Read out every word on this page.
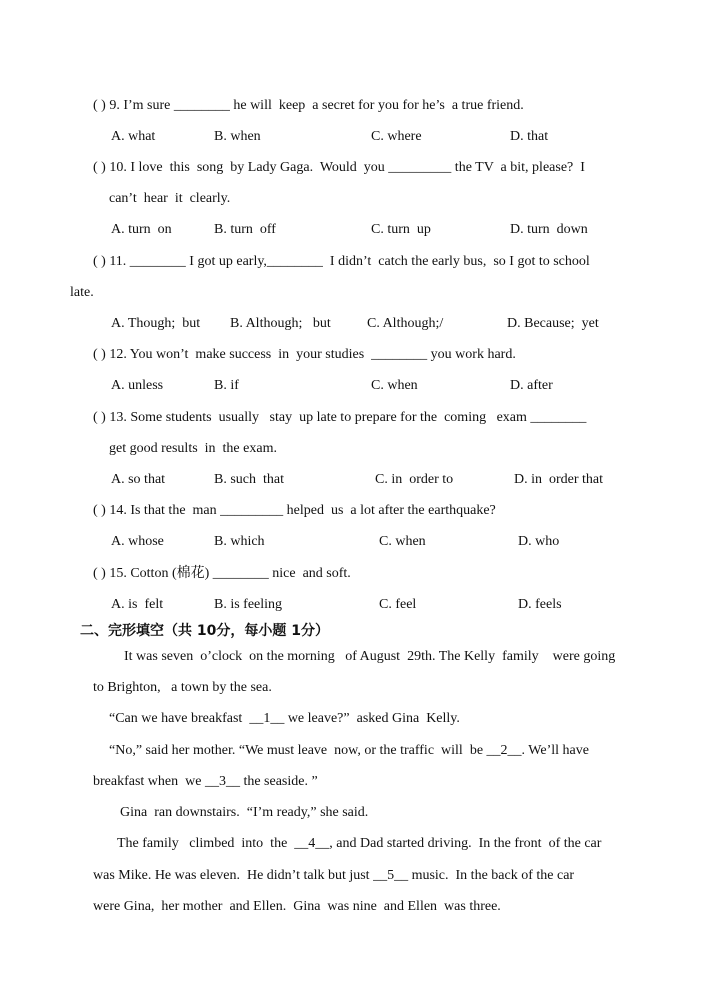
( ) 9. I’m sure ________ he will  keep  a secret for you for he’s  a true friend.
A. what	B. when	C. where	D. that
( ) 10. I love  this  song  by Lady Gaga.  Would  you _________ the TV  a bit, please?  I
can’t  hear  it  clearly.
A. turn  on	B. turn  off	C. turn  up	D. turn  down
( ) 11. ________ I got up early,________  I didn’t  catch the early bus,  so I got to school
late.
A. Though;  but B. Although;   but	C. Although;/	D. Because;  yet
( ) 12. You won’t  make success  in  your studies  ________ you work hard.
A. unless	B. if	C. when	D. after
( ) 13. Some students  usually   stay  up late to prepare for the  coming   exam ________
get good results  in  the exam.
A. so that	B. such  that	C. in  order to	D. in  order that
( ) 14. Is that the  man _________ helped  us  a lot after the earthquake?
A. whose	B. which	C. when	D. who
( ) 15. Cotton (棉花) ________ nice  and soft.
A. is  felt	B. is feeling	C. feel	D. feels
二、完形填空（共 10分，每小题 1分）
It was seven  o’clock  on the morning   of August  29th. The Kelly  family    were going
to Brighton,   a town by the sea.
“Can we have breakfast  __1__ we leave?”  asked Gina  Kelly.
“No,” said her mother. “We must leave  now, or the traffic  will  be __2__. We’ll have
breakfast when  we __3__ the seaside. ”
Gina  ran downstairs.  “I’m ready,” she said.
The family   climbed  into  the  __4__, and Dad started driving.  In the front  of the car
was Mike. He was eleven.  He didn’t talk but just __5__ music.  In the back of the car
were Gina,  her mother  and Ellen.  Gina  was nine  and Ellen  was three.
